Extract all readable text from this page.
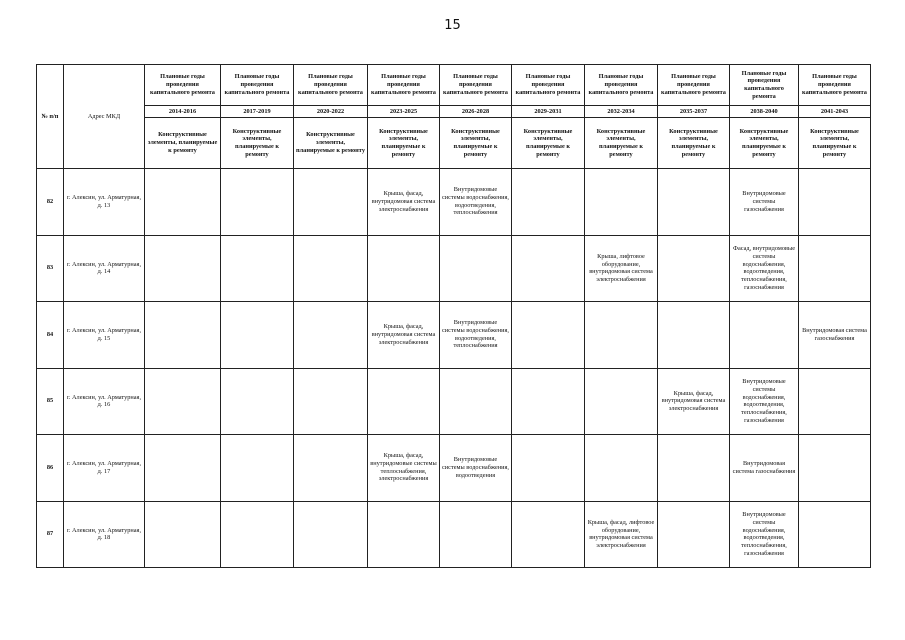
15
№ п/п	Адрес МКД	Плановые годы проведения капитального ремонта	Плановые годы проведения капитального ремонта	Плановые годы проведения капитального ремонта	Плановые годы проведения капитального ремонта	Плановые годы проведения капитального ремонта	Плановые годы проведения капитального ремонта	Плановые годы проведения капитального ремонта	Плановые годы проведения капитального ремонта	Плановые годы проведения капитального ремонта	Плановые годы проведения капитального ремонта
		2014-2016	2017-2019	2020-2022	2023-2025	2026-2028	2029-2031	2032-2034	2035-2037	2038-2040	2041-2043
		Конструктивные элементы, планируемые к ремонту	Конструктивные элементы, планируемые к ремонту	Конструктивные элементы, планируемые к ремонту	Конструктивные элементы, планируемые к ремонту	Конструктивные элементы, планируемые к ремонту	Конструктивные элементы, планируемые к ремонту	Конструктивные элементы, планируемые к ремонту	Конструктивные элементы, планируемые к ремонту	Конструктивные элементы, планируемые к ремонту	Конструктивные элементы, планируемые к ремонту
82	г. Алексин, ул. Арматурная, д. 13				Крыша, фасад, внутридомовая система электроснабжения	Внутридомовые системы водоснабжения, водоотведения, теплоснабжения				Внутридомовые системы газоснабжения	
83	г. Алексин, ул. Арматурная, д. 14							Крыша, лифтовое оборудование, внутридомовая система электроснабжения		Фасад, внутридомовые системы водоснабжения, водоотведения, теплоснабжения, газоснабжения	
84	г. Алексин, ул. Арматурная, д. 15				Крыша, фасад, внутридомовая система электроснабжения	Внутридомовые системы водоснабжения, водоотведения, теплоснабжения					Внутридомовая система газоснабжения
85	г. Алексин, ул. Арматурная, д. 16								Крыша, фасад, внутридомовая система электроснабжения	Внутридомовые системы водоснабжения, водоотведения, теплоснабжения, газоснабжения	
86	г. Алексин, ул. Арматурная, д. 17				Крыша, фасад, внутридомовые системы теплоснабжения, электроснабжения	Внутридомовые системы водоснабжения, водоотведения				Внутридомовая система газоснабжения	
87	г. Алексин, ул. Арматурная, д. 18							Крыша, фасад, лифтовое оборудование, внутридомовая система электроснабжения		Внутридомовые системы водоснабжения, водоотведения, теплоснабжения, газоснабжения	
